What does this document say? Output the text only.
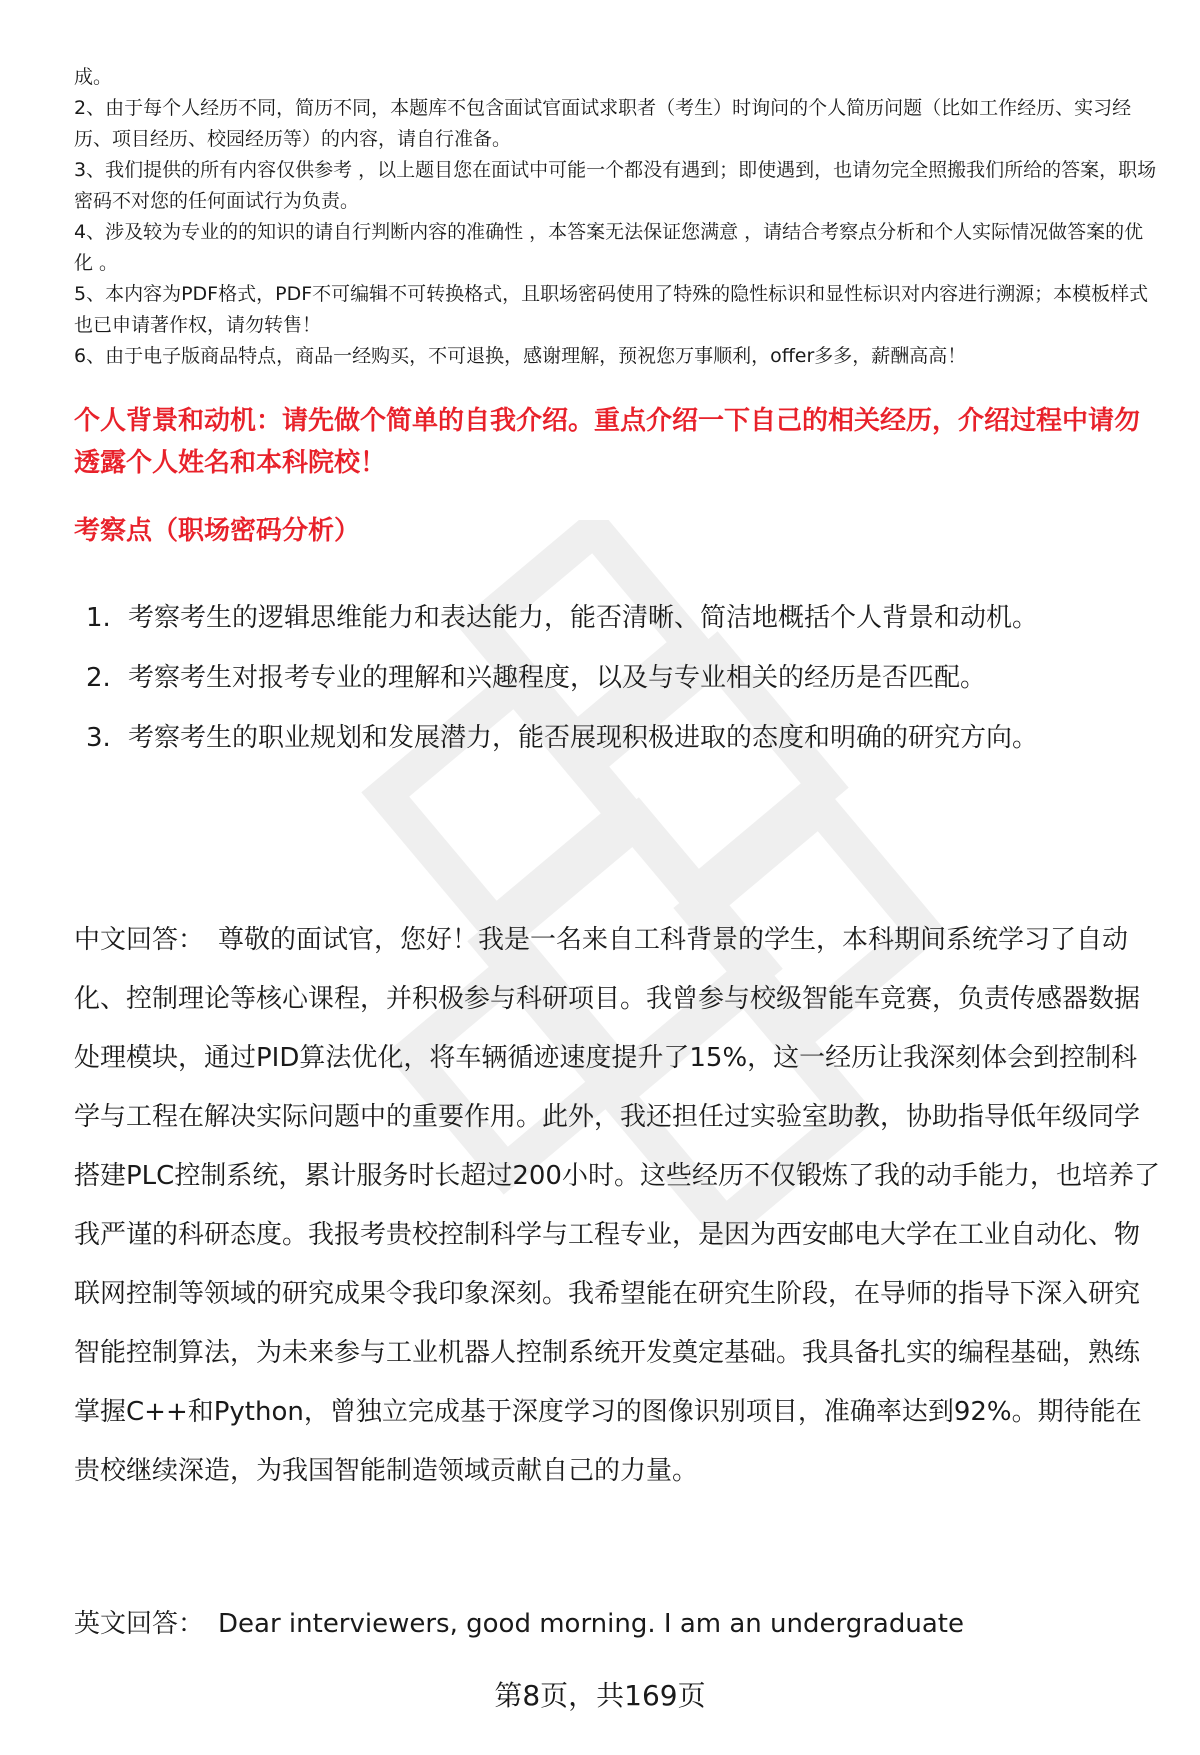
成。

2、由于每个人经历不同，简历不同，本题库不包含面试官面试求职者（考生）时询问的个人简历问题（比如工作经历、实习经历、项目经历、校园经历等）的内容，请自行准备。

3、我们提供的所有内容仅供参考 ，以上题目您在面试中可能一个都没有遇到；即使遇到，也请勿完全照搬我们所给的答案，职场密码不对您的任何面试行为负责。

4、涉及较为专业的的知识的请自行判断内容的准确性 ，本答案无法保证您满意 ，请结合考察点分析和个人实际情况做答案的优化 。

5、本内容为PDF格式，PDF不可编辑不可转换格式，且职场密码使用了特殊的隐性标识和显性标识对内容进行溯源；本模板样式也已申请著作权，请勿转售！

6、由于电子版商品特点，商品一经购买，不可退换，感谢理解，预祝您万事顺利，offer多多，薪酬高高！

个人背景和动机：请先做个简单的自我介绍。重点介绍一下自己的相关经历，介绍过程中请勿透露个人姓名和本科院校！

考察点（职场密码分析）

1. 考察考生的逻辑思维能力和表达能力，能否清晰、简洁地概括个人背景和动机。
2. 考察考生对报考专业的理解和兴趣程度，以及与专业相关的经历是否匹配。
3. 考察考生的职业规划和发展潜力，能否展现积极进取的态度和明确的研究方向。

中文回答： 尊敬的面试官，您好！我是一名来自工科背景的学生，本科期间系统学习了自动化、控制理论等核心课程，并积极参与科研项目。我曾参与校级智能车竞赛，负责传感器数据处理模块，通过PID算法优化，将车辆循迹速度提升了15%，这一经历让我深刻体会到控制科学与工程在解决实际问题中的重要作用。此外，我还担任过实验室助教，协助指导低年级同学搭建PLC控制系统，累计服务时长超过200小时。这些经历不仅锻炼了我的动手能力，也培养了我严谨的科研态度。我报考贵校控制科学与工程专业，是因为西安邮电大学在工业自动化、物联网控制等领域的研究成果令我印象深刻。我希望能在研究生阶段，在导师的指导下深入研究智能控制算法，为未来参与工业机器人控制系统开发奠定基础。我具备扎实的编程基础，熟练掌握C++和Python，曾独立完成基于深度学习的图像识别项目，准确率达到92%。期待能在贵校继续深造，为我国智能制造领域贡献自己的力量。

英文回答： Dear interviewers, good morning. I am an undergraduate

第8页，共169页
